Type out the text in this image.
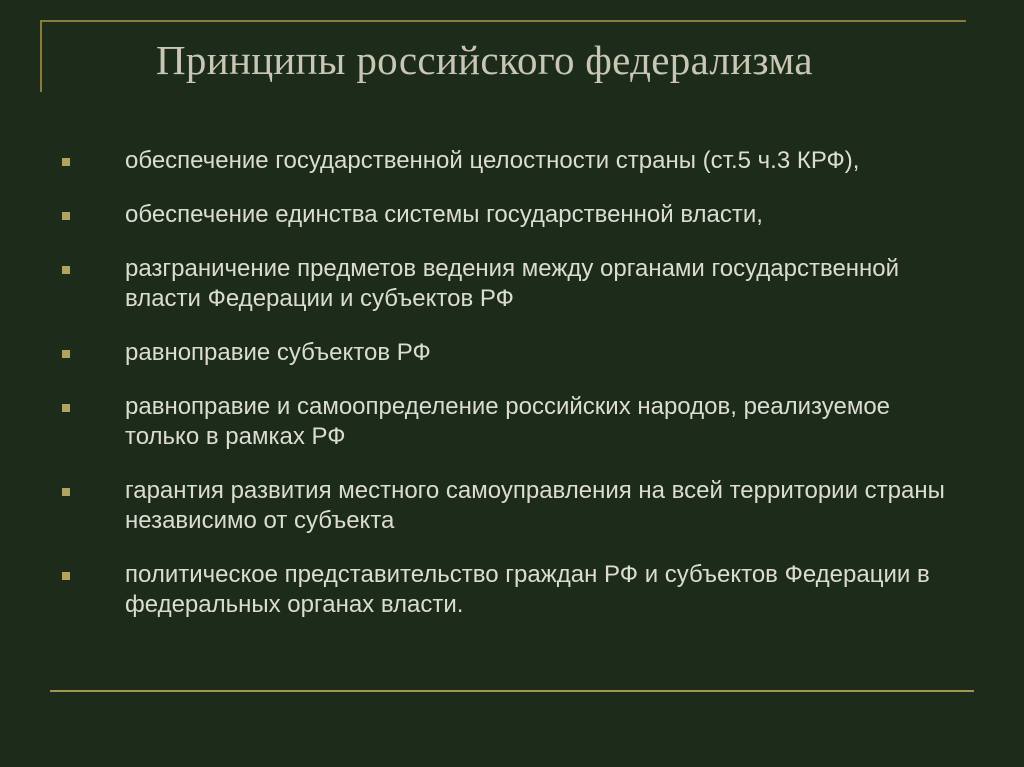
Принципы российского федерализма
обеспечение государственной целостности страны (ст.5 ч.3 КРФ),
обеспечение единства системы государственной власти,
разграничение предметов ведения между органами государственной власти Федерации и субъектов РФ
равноправие субъектов РФ
равноправие и самоопределение российских народов, реализуемое только в рамках РФ
гарантия развития местного самоуправления на всей территории страны независимо от субъекта
политическое представительство граждан РФ и субъектов Федерации в федеральных органах власти.
